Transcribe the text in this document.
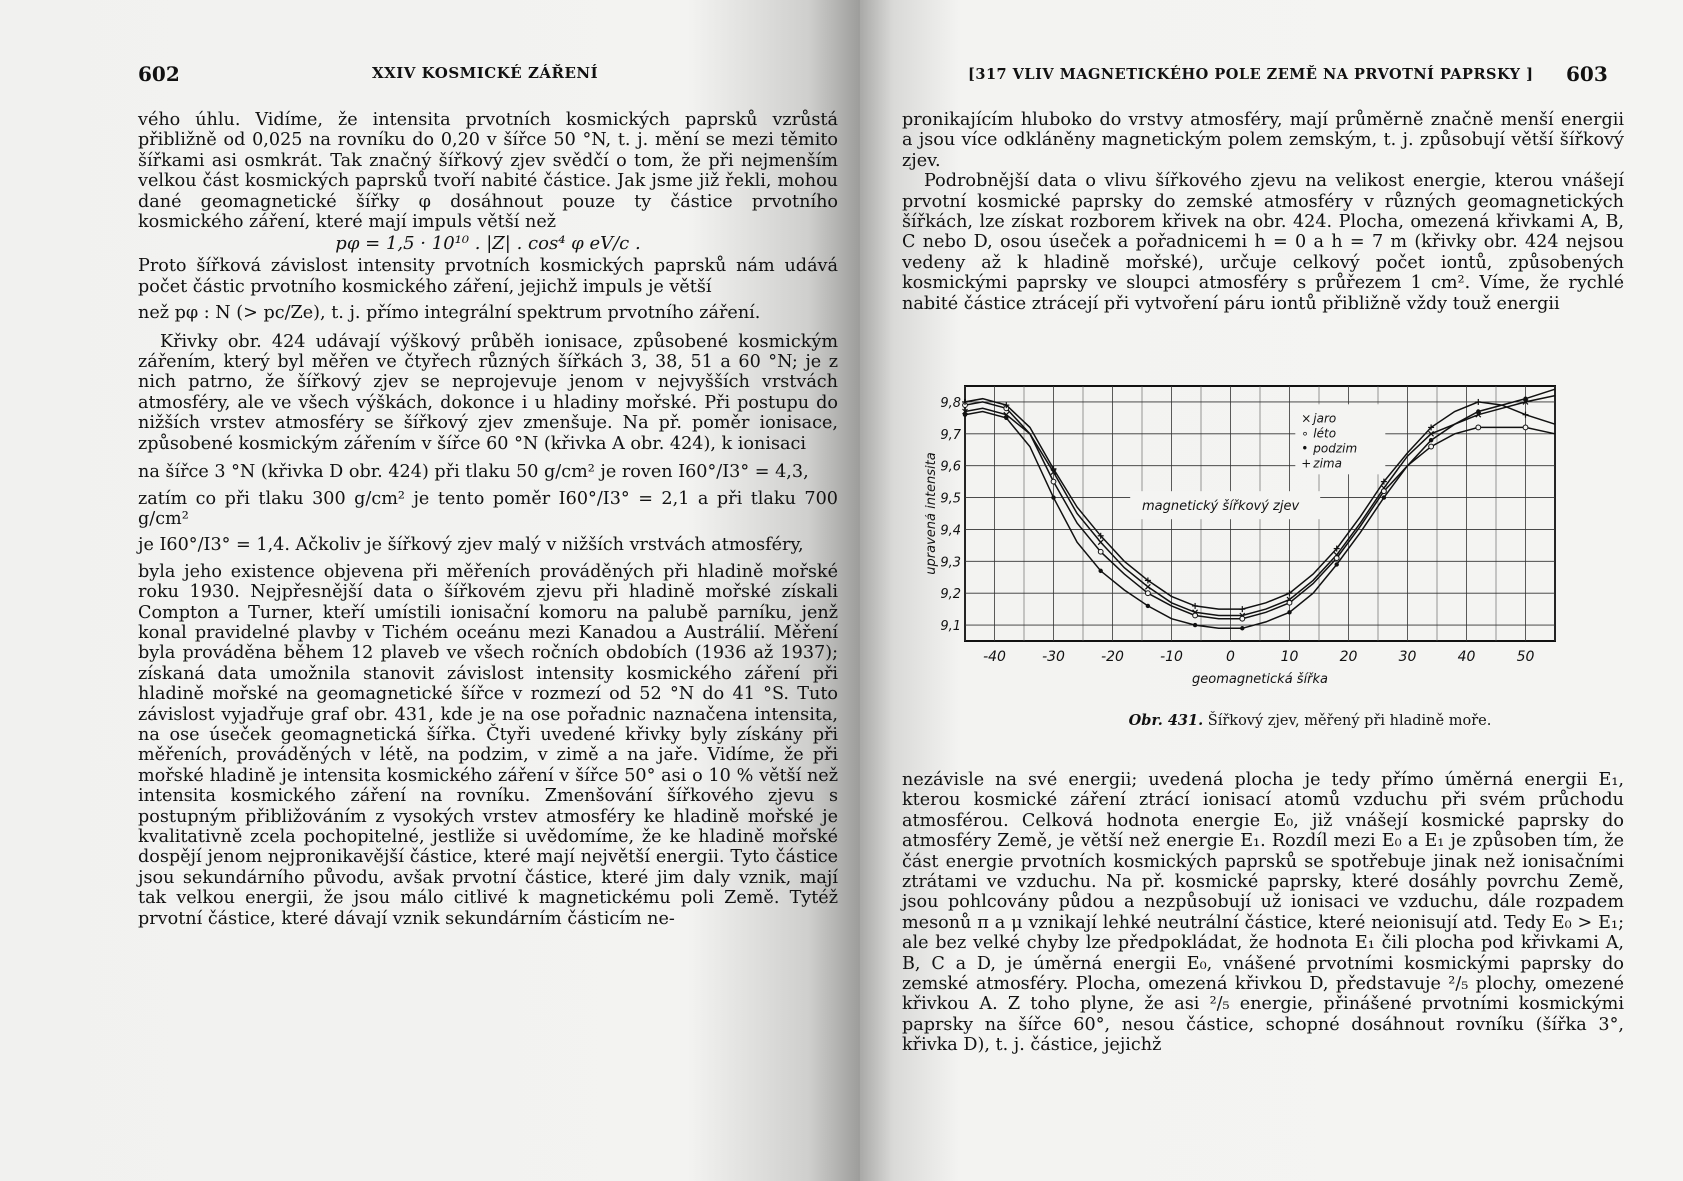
602	XXIV KOSMICKÉ ZÁŘENÍ

vého úhlu. Vidíme, že intensita prvotních kosmických paprsků vzrůstá přibližně od 0,025 na rovníku do 0,20 v šířce 50 °N, t. j. mění se mezi těmito šířkami asi osmkrát. Tak značný šířkový zjev svědčí o tom, že při nejmenším velkou část kosmických paprsků tvoří nabité částice. Jak jsme již řekli, mohou dané geomagnetické šířky φ dosáhnout pouze ty částice prvotního kosmického záření, které mají impuls větší než

pφ = 1,5 · 10¹⁰ . |Z| . cos⁴ φ eV/c .

Proto šířková závislost intensity prvotních kosmických paprsků nám udává počet částic prvotního kosmického záření, jejichž impuls je větší

než pφ : N (> pc/Ze), t. j. přímo integrální spektrum prvotního záření.

Křivky obr. 424 udávají výškový průběh ionisace, způsobené kosmickým zářením, který byl měřen ve čtyřech různých šířkách 3, 38, 51 a 60 °N; je z nich patrno, že šířkový zjev se neprojevuje jenom v nejvyšších vrstvách atmosféry, ale ve všech výškách, dokonce i u hladiny mořské. Při postupu do nižších vrstev atmosféry se šířkový zjev zmenšuje. Na př. poměr ionisace, způsobené kosmickým zářením v šířce 60 °N (křivka A obr. 424), k ionisaci

na šířce 3 °N (křivka D obr. 424) při tlaku 50 g/cm² je roven I60°/I3° = 4,3,

zatím co při tlaku 300 g/cm² je tento poměr I60°/I3° = 2,1 a při tlaku 700 g/cm²

je I60°/I3° = 1,4. Ačkoliv je šířkový zjev malý v nižších vrstvách atmosféry,

byla jeho existence objevena při měřeních prováděných při hladině mořské roku 1930. Nejpřesnější data o šířkovém zjevu při hladině mořské získali Compton a Turner, kteří umístili ionisační komoru na palubě parníku, jenž konal pravidelné plavby v Tichém oceánu mezi Kanadou a Austrálií. Měření byla prováděna během 12 plaveb ve všech ročních obdobích (1936 až 1937); získaná data umožnila stanovit závislost intensity kosmického záření při hladině mořské na geomagnetické šířce v rozmezí od 52 °N do 41 °S. Tuto závislost vyjadřuje graf obr. 431, kde je na ose pořadnic naznačena intensita, na ose úseček geomagnetická šířka. Čtyři uvedené křivky byly získány při měřeních, prováděných v létě, na podzim, v zimě a na jaře. Vidíme, že při mořské hladině je intensita kosmického záření v šířce 50° asi o 10 % větší než intensita kosmického záření na rovníku. Zmenšování šířkového zjevu s postupným přibližováním z vysokých vrstev atmosféry ke hladině mořské je kvalitativně zcela pochopitelné, jestliže si uvědomíme, že ke hladině mořské dospějí jenom nejpronikavější částice, které mají největší energii. Tyto částice jsou sekundárního původu, avšak prvotní částice, které jim daly vznik, mají tak velkou energii, že jsou málo citlivé k magnetickému poli Země. Tytéž prvotní částice, které dávají vznik sekundárním částicím ne-

[317 VLIV MAGNETICKÉHO POLE ZEMĚ NA PRVOTNÍ PAPRSKY ] 603

pronikajícím hluboko do vrstvy atmosféry, mají průměrně značně menší energii a jsou více odkláněny magnetickým polem zemským, t. j. způsobují větší šířkový zjev.

Podrobnější data o vlivu šířkového zjevu na velikost energie, kterou vnášejí prvotní kosmické paprsky do zemské atmosféry v různých geomagnetických šířkách, lze získat rozborem křivek na obr. 424. Plocha, omezená křivkami A, B, C nebo D, osou úseček a pořadnicemi h = 0 a h = 7 m (křivky obr. 424 nejsou vedeny až k hladině mořské), určuje celkový počet iontů, způsobených kosmickými paprsky ve sloupci atmosféry s průřezem 1 cm². Víme, že rychlé nabité částice ztrácejí při vytvoření páru iontů přibližně vždy touž energii

nezávisle na své energii; uvedená plocha je tedy přímo úměrná energii E₁, kterou kosmické záření ztrácí ionisací atomů vzduchu při svém průchodu atmosférou. Celková hodnota energie E₀, již vnášejí kosmické paprsky do atmosféry Země, je větší než energie E₁. Rozdíl mezi E₀ a E₁ je způsoben tím, že část energie prvotních kosmických paprsků se spotřebuje jinak než ionisačními ztrátami ve vzduchu. Na př. kosmické paprsky, které dosáhly povrchu Země, jsou pohlcovány půdou a nezpůsobují už ionisaci ve vzduchu, dále rozpadem mesonů π a μ vznikají lehké neutrální částice, které neionisují atd. Tedy E₀ > E₁; ale bez velké chyby lze předpokládat, že hodnota E₁ čili plocha pod křivkami A, B, C a D, je úměrná energii E₀, vnášené prvotními kosmickými paprsky do zemské atmosféry. Plocha, omezená křivkou D, představuje ²/₅ plochy, omezené křivkou A. Z toho plyne, že asi ²/₅ energie, přinášené prvotními kosmickými paprsky na šířce 60°, nesou částice, schopné dosáhnout rovníku (šířka 3°, křivka D), t. j. částice, jejichž

-40	-30	-20	-10	0	10	20	30	40	50
9,1
9,2
9,3
9,4
9,5
9,6
9,7
9,8
geomagnetická šířka
upravená intensita	magnetický šířkový zjev
× jaro
∘ léto
• podzim
+ zima
Obr. 431. Šířkový zjev, měřený při hladině moře.
